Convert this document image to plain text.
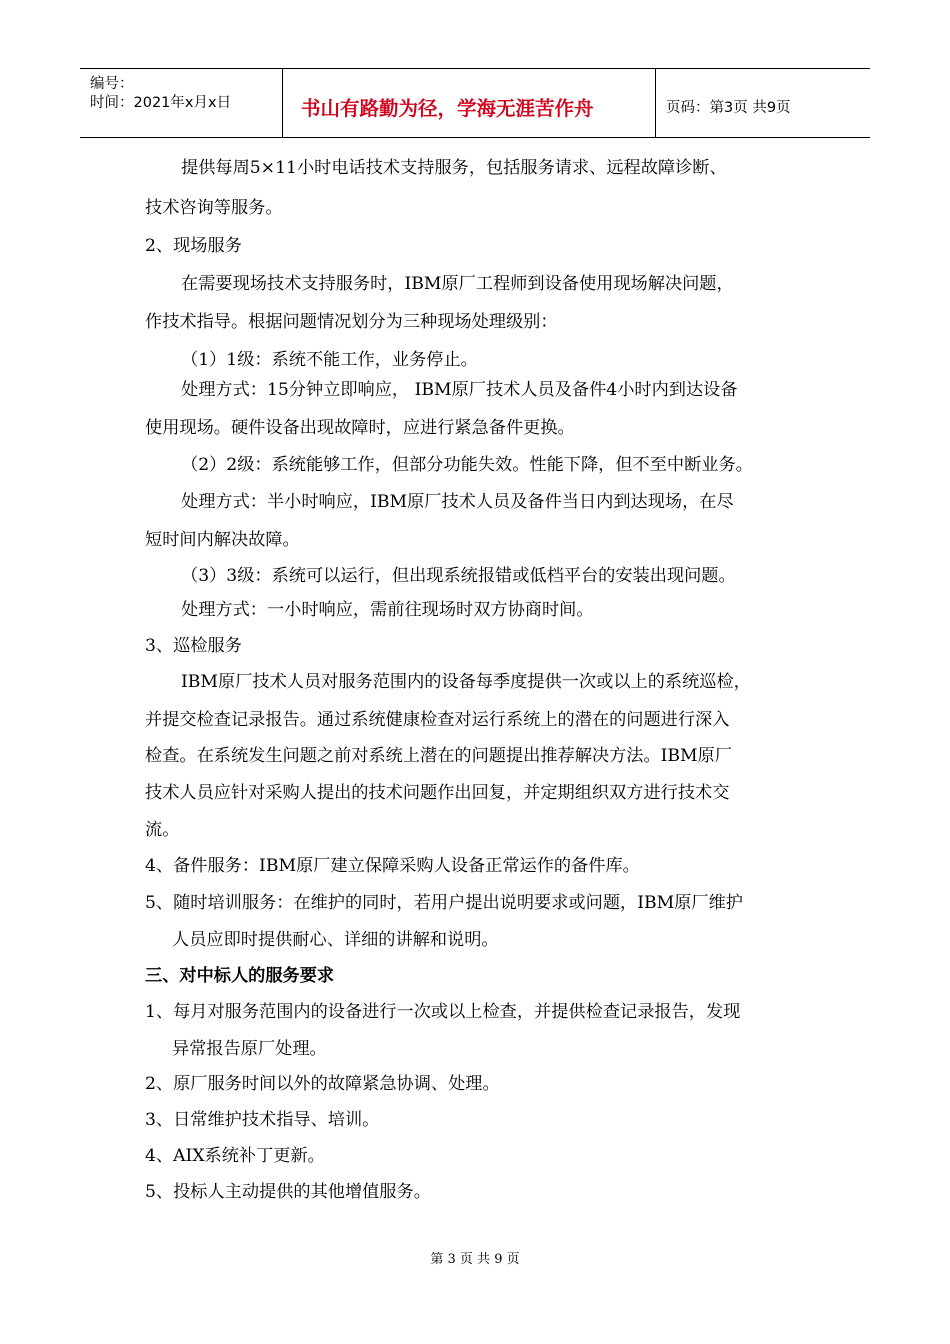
编号：
时间：2021年x月x日	书山有路勤为径，学海无涯苦作舟	页码：第3页 共9页
提供每周5×11小时电话技术支持服务，包括服务请求、远程故障诊断、
技术咨询等服务。
2、现场服务
在需要现场技术支持服务时，IBM原厂工程师到设备使用现场解决问题，
作技术指导。根据问题情况划分为三种现场处理级别：
（1）1级：系统不能工作，业务停止。
处理方式：15分钟立即响应， IBM原厂技术人员及备件4小时内到达设备
使用现场。硬件设备出现故障时，应进行紧急备件更换。
（2）2级：系统能够工作，但部分功能失效。性能下降，但不至中断业务。
处理方式：半小时响应，IBM原厂技术人员及备件当日内到达现场，在尽
短时间内解决故障。
（3）3级：系统可以运行，但出现系统报错或低档平台的安装出现问题。
处理方式：一小时响应，需前往现场时双方协商时间。
3、巡检服务
IBM原厂技术人员对服务范围内的设备每季度提供一次或以上的系统巡检，
并提交检查记录报告。通过系统健康检查对运行系统上的潜在的问题进行深入
检查。在系统发生问题之前对系统上潜在的问题提出推荐解决方法。IBM原厂
技术人员应针对采购人提出的技术问题作出回复，并定期组织双方进行技术交
流。
4、备件服务：IBM原厂建立保障采购人设备正常运作的备件库。
5、随时培训服务：在维护的同时，若用户提出说明要求或问题，IBM原厂维护
人员应即时提供耐心、详细的讲解和说明。
三、对中标人的服务要求
1、每月对服务范围内的设备进行一次或以上检查，并提供检查记录报告，发现
异常报告原厂处理。
2、原厂服务时间以外的故障紧急协调、处理。
3、日常维护技术指导、培训。
4、AIX系统补丁更新。
5、投标人主动提供的其他增值服务。
第 3 页 共 9 页
